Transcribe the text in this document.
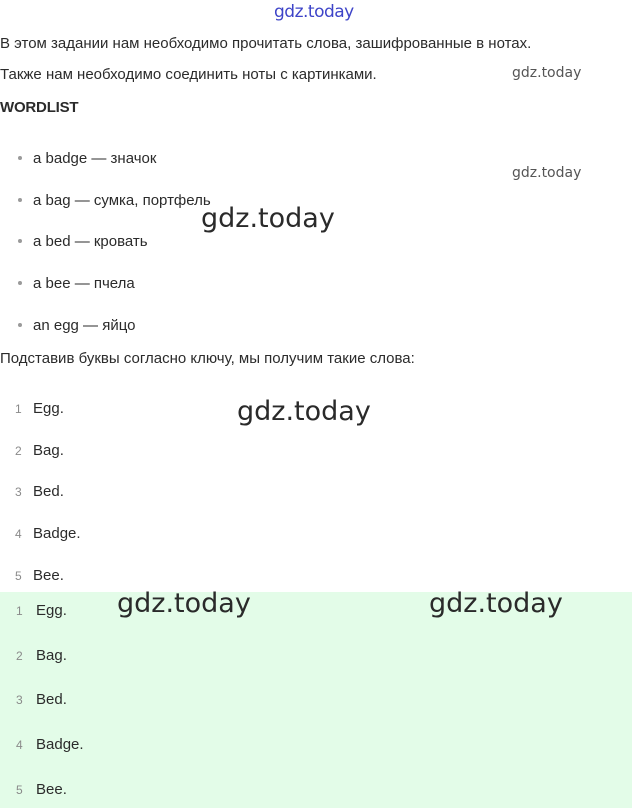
gdz.today
В этом задании нам необходимо прочитать слова, зашифрованные в нотах.
Также нам необходимо соединить ноты с картинками.
WORDLIST
a badge — значок
a bag — сумка, портфель
a bed — кровать
a bee — пчела
an egg — яйцо
Подставив буквы согласно ключу, мы получим такие слова:
1 Egg.
2 Bag.
3 Bed.
4 Badge.
5 Bee.
1 Egg.
2 Bag.
3 Bed.
4 Badge.
5 Bee.
gdz.today
gdz.today
gdz.today
gdz.today
gdz.today	gdz.today
